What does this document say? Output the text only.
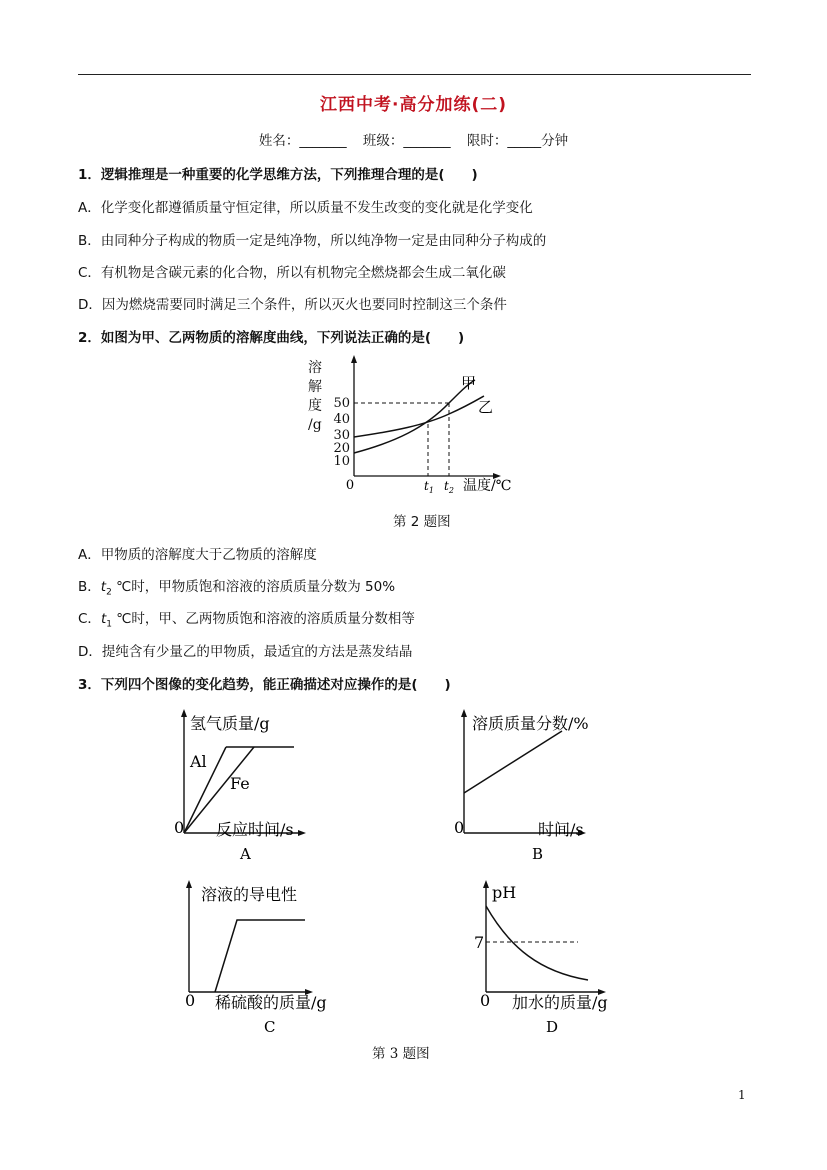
江西中考·高分加练(二)
姓名：_______ 班级：_______ 限时：_____分钟
1．逻辑推理是一种重要的化学思维方法，下列推理合理的是(　　)
A．化学变化都遵循质量守恒定律，所以质量不发生改变的变化就是化学变化
B．由同种分子构成的物质一定是纯净物，所以纯净物一定是由同种分子构成的
C．有机物是含碳元素的化合物，所以有机物完全燃烧都会生成二氧化碳
D．因为燃烧需要同时满足三个条件，所以灭火也要同时控制这三个条件
2．如图为甲、乙两物质的溶解度曲线，下列说法正确的是(　　)
溶
解
度
/g
50
40
30
20
10
甲
乙
0	$t_1$ $t_2$ 温度/℃
第 2 题图
A．甲物质的溶解度大于乙物质的溶解度
B．$t_2$ ℃时，甲物质饱和溶液的溶质质量分数为 50%
C．$t_1$ ℃时，甲、乙两物质饱和溶液的溶质质量分数相等
D．提纯含有少量乙的甲物质，最适宜的方法是蒸发结晶
3．下列四个图像的变化趋势，能正确描述对应操作的是(　　)
氢气质量/g
Al
Fe
0 反应时间/s
A
溶质质量分数/%
0	时间/s
B
溶液的导电性
0 稀硫酸的质量/g
C
pH
7
0 加水的质量/g
D
第 3 题图
1
